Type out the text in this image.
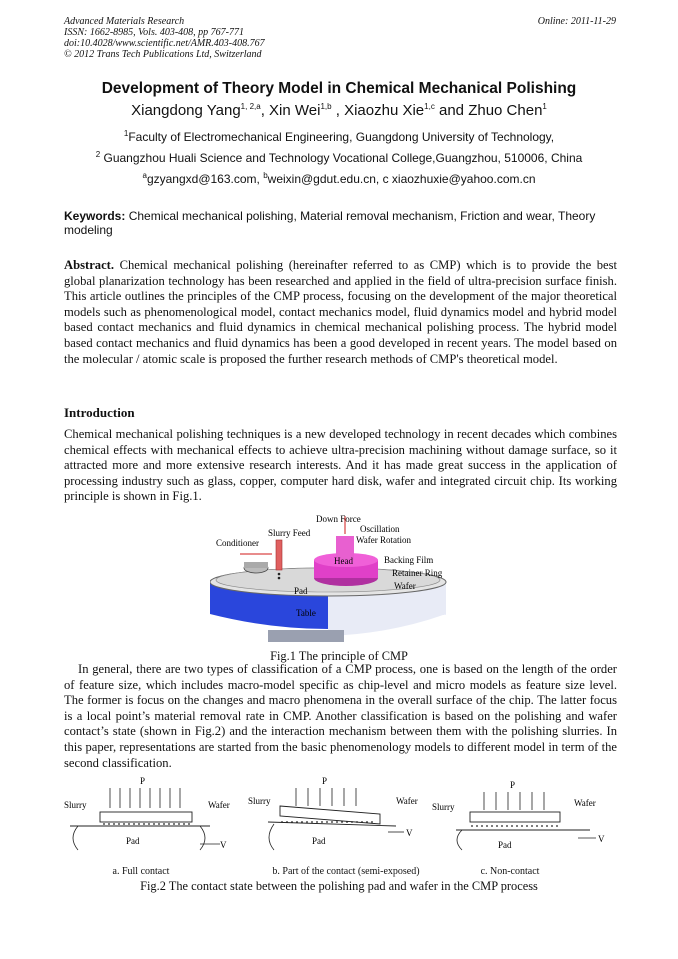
Advanced Materials Research
ISSN: 1662-8985, Vols. 403-408, pp 767-771
doi:10.4028/www.scientific.net/AMR.403-408.767
© 2012 Trans Tech Publications Ltd, Switzerland
Online: 2011-11-29
Development of Theory Model in Chemical Mechanical Polishing
Xiangdong Yang$^{1, 2,a}$, Xin Wei$^{1,b}$ , Xiaozhu Xie$^{1,c}$ and Zhuo Chen$^1$
$^1$Faculty of Electromechanical Engineering, Guangdong University of Technology,
$^2$ Guangzhou Huali Science and Technology Vocational College,Guangzhou, 510006, China
$^a$gzyangxd@163.com, $^b$weixin@gdut.edu.cn, c xiaozhuxie@yahoo.com.cn
Keywords: Chemical mechanical polishing, Material removal mechanism, Friction and wear, Theory modeling
Abstract. Chemical mechanical polishing (hereinafter referred to as CMP) which is to provide the best global planarization technology has been researched and applied in the field of ultra-precision surface finish. This article outlines the principles of the CMP process, focusing on the development of the major theoretical models such as phenomenological model, contact mechanics model, fluid dynamics model and hybrid model based contact mechanics and fluid dynamics in chemical mechanical polishing process. The hybrid model based contact mechanics and fluid dynamics has been a good developed in recent years. The model based on the molecular / atomic scale is proposed the further research methods of CMP's theoretical model.
Introduction
Chemical mechanical polishing techniques is a new developed technology in recent decades which combines chemical effects with mechanical effects to achieve ultra-precision machining without damage surface, so it attracted more and more extensive research interests. And it has made great success in the application of processing industry such as glass, copper, computer hard disk, wafer and integrated circuit chip. Its working principle is shown in Fig.1.
Down Force
Slurry Feed	Oscillation
Conditioner	Wafer Rotation
Head	Backing Film
Retainer Ring
Pad	Wafer
Table
Fig.1 The principle of CMP
In general, there are two types of classification of a CMP process, one is based on the length of the order of feature size, which includes macro-model specific as chip-level and micro models as feature size level. The former is focus on the changes and macro phenomena in the overall surface of the chip. The latter focus is a local point’s material removal rate in CMP. Another classification is based on the polishing and wafer contact’s state (shown in Fig.2) and the interaction mechanism between them with the polishing slurries. In this paper, representations are started from the basic phenomenology models to different model in term of the second classification.
P
Slurry	Wafer
Pad	V
P
Slurry	Wafer
Pad
V
P
Slurry	Wafer
Pad
V
a. Full contact	b. Part of the contact (semi-exposed)	c. Non-contact
Fig.2 The contact state between the polishing pad and wafer in the CMP process
